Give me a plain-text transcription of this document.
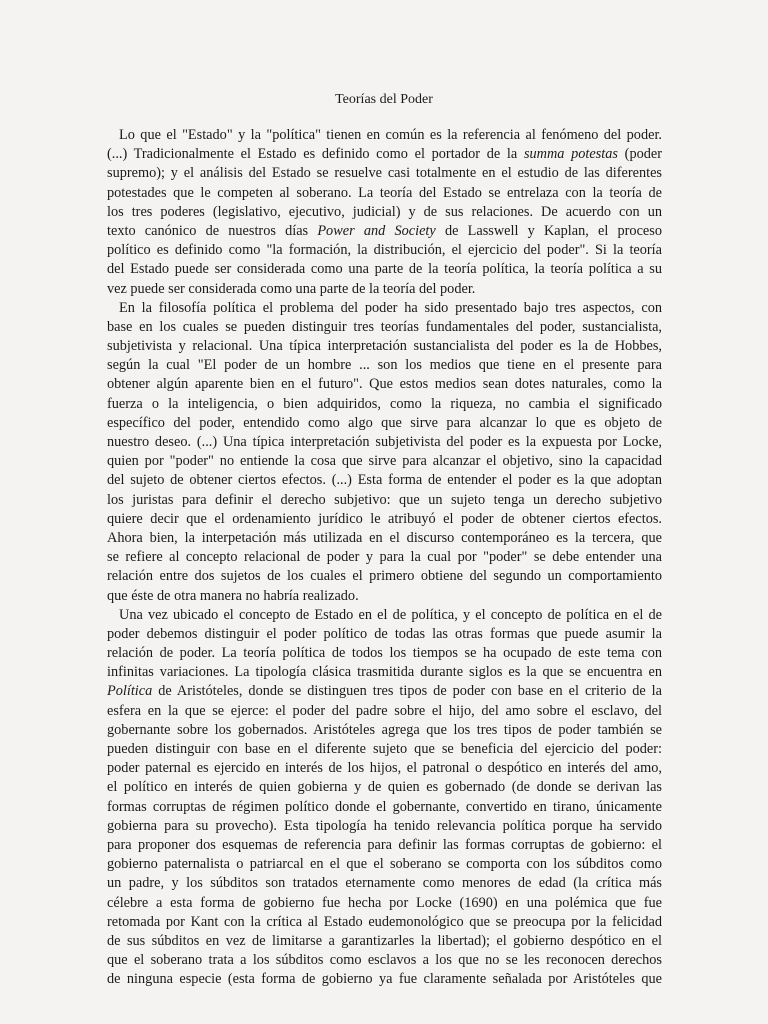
Teorías del Poder
Lo que el "Estado" y la "política" tienen en común es la referencia al fenómeno del poder.
(...) Tradicionalmente el Estado es definido como el portador de la summa potestas (poder
supremo); y el análisis del Estado se resuelve casi totalmente en el estudio de las diferentes
potestades que le competen al soberano. La teoría del Estado se entrelaza con la teoría de
los tres poderes (legislativo, ejecutivo, judicial) y de sus relaciones. De acuerdo con un
texto canónico de nuestros días Power and Society de Lasswell y Kaplan, el proceso
político es definido como "la formación, la distribución, el ejercicio del poder". Si la teoría
del Estado puede ser considerada como una parte de la teoría política, la teoría política a su
vez puede ser considerada como una parte de la teoría del poder.
En la filosofía política el problema del poder ha sido presentado bajo tres aspectos, con
base en los cuales se pueden distinguir tres teorías fundamentales del poder, sustancialista,
subjetivista y relacional. Una típica interpretación sustancialista del poder es la de Hobbes,
según la cual "El poder de un hombre ... son los medios que tiene en el presente para
obtener algún aparente bien en el futuro". Que estos medios sean dotes naturales, como la
fuerza o la inteligencia, o bien adquiridos, como la riqueza, no cambia el significado
específico del poder, entendido como algo que sirve para alcanzar lo que es objeto de
nuestro deseo. (...) Una típica interpretación subjetivista del poder es la expuesta por Locke,
quien por "poder" no entiende la cosa que sirve para alcanzar el objetivo, sino la capacidad
del sujeto de obtener ciertos efectos. (...) Esta forma de entender el poder es la que adoptan
los juristas para definir el derecho subjetivo: que un sujeto tenga un derecho subjetivo
quiere decir que el ordenamiento jurídico le atribuyó el poder de obtener ciertos efectos.
Ahora bien, la interpetación más utilizada en el discurso contemporáneo es la tercera, que
se refiere al concepto relacional de poder y para la cual por "poder" se debe entender una
relación entre dos sujetos de los cuales el primero obtiene del segundo un comportamiento
que éste de otra manera no habría realizado.
Una vez ubicado el concepto de Estado en el de política, y el concepto de política en el de
poder debemos distinguir el poder político de todas las otras formas que puede asumir la
relación de poder. La teoría política de todos los tiempos se ha ocupado de este tema con
infinitas variaciones. La tipología clásica trasmitida durante siglos es la que se encuentra en
Política de Aristóteles, donde se distinguen tres tipos de poder con base en el criterio de la
esfera en la que se ejerce: el poder del padre sobre el hijo, del amo sobre el esclavo, del
gobernante sobre los gobernados. Aristóteles agrega que los tres tipos de poder también se
pueden distinguir con base en el diferente sujeto que se beneficia del ejercicio del poder:
poder paternal es ejercido en interés de los hijos, el patronal o despótico en interés del amo,
el político en interés de quien gobierna y de quien es gobernado (de donde se derivan las
formas corruptas de régimen político donde el gobernante, convertido en tirano, únicamente
gobierna para su provecho). Esta tipología ha tenido relevancia política porque ha servido
para proponer dos esquemas de referencia para definir las formas corruptas de gobierno: el
gobierno paternalista o patriarcal en el que el soberano se comporta con los súbditos como
un padre, y los súbditos son tratados eternamente como menores de edad (la crítica más
célebre a esta forma de gobierno fue hecha por Locke (1690) en una polémica que fue
retomada por Kant con la crítica al Estado eudemonológico que se preocupa por la felicidad
de sus súbditos en vez de limitarse a garantizarles la libertad); el gobierno despótico en el
que el soberano trata a los súbditos como esclavos a los que no se les reconocen derechos
de ninguna especie (esta forma de gobierno ya fue claramente señalada por Aristóteles que
